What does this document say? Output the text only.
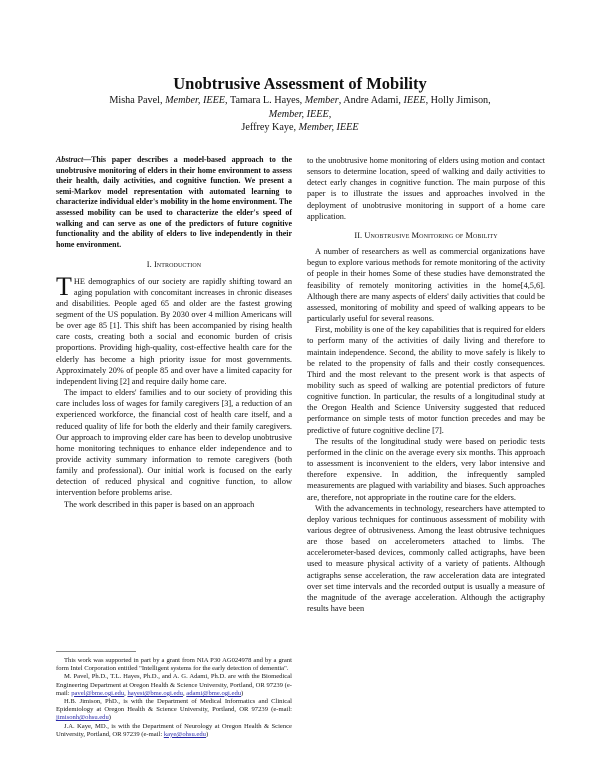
Unobtrusive Assessment of Mobility
Misha Pavel, Member, IEEE, Tamara L. Hayes, Member, Andre Adami, IEEE, Holly Jimison,
Member, IEEE,
Jeffrey Kaye, Member, IEEE

Abstract—This paper describes a model-based approach to the unobtrusive monitoring of elders in their home environment to assess their health, daily activities, and cognitive function. We present a semi-Markov model representation with automated learning to characterize individual elder's mobility in the home environment. The assessed mobility can be used to characterize the elder's speed of walking and can serve as one of the predictors of future cognitive functionality and the ability of elders to live independently in their home environment.

I. Introduction

THE demographics of our society are rapidly shifting toward an aging population with concomitant increases in chronic diseases and disabilities. People aged 65 and older are the fastest growing segment of the US population. By 2030 over 4 million Americans will be over age 85 [1]. This shift has been accompanied by rising health care costs, creating both a social and economic burden of crisis proportions. Providing high-quality, cost-effective health care for the elderly has become a high priority issue for most governments. Approximately 20% of people 85 and over have a limited capacity for independent living [2] and require daily home care.

The impact to elders' families and to our society of providing this care includes loss of wages for family caregivers [3], a reduction of an experienced workforce, the financial cost of health care itself, and a reduced quality of life for both the elderly and their family caregivers. Our approach to improving elder care has been to develop unobtrusive home monitoring techniques to enhance elder independence and to provide activity summary information to remote caregivers (both family and professional). Our initial work is focused on the early detection of reduced physical and cognitive function, to allow intervention before problems arise.

The work described in this paper is based on an approach

This work was supported in part by a grant from NIA P30 AG024978 and by a grant form Intel Corporation entitled "Intelligent systems for the early detection of dementia".

M. Pavel, Ph.D., T.L. Hayes, Ph.D., and A. G. Adami, Ph.D. are with the Biomedical Engineering Department at Oregon Health & Science University, Portland, OR 97239 (e-mail: pavel@bme.ogi.edu, hayest@bme.ogi.edu, adami@bme.ogi.edu)

H.B. Jimison, PhD., is with the Department of Medical Informatics and Clinical Epidemiology at Oregon Health & Science University, Portland, OR 97239 (e-mail: jimisonh@ohsu.edu)

J.A. Kaye, MD., is with the Department of Neurology at Oregon Health & Science University, Portland, OR 97239 (e-mail: kaye@ohsu.edu)

to the unobtrusive home monitoring of elders using motion and contact sensors to determine location, speed of walking and daily activities to detect early changes in cognitive function. The main purpose of this paper is to illustrate the issues and approaches involved in the deployment of unobtrusive monitoring in support of a home care application.

II. Unobtrusive Monitoring of Mobility

A number of researchers as well as commercial organizations have begun to explore various methods for remote monitoring of the activity of people in their homes Some of these studies have demonstrated the feasibility of remotely monitoring activities in the home[4,5,6]. Although there are many aspects of elders' daily activities that could be assessed, monitoring of mobility and speed of walking appears to be particularly useful for several reasons.

First, mobility is one of the key capabilities that is required for elders to perform many of the activities of daily living and therefore to maintain independence. Second, the ability to move safely is likely to be related to the propensity of falls and their costly consequences. Third and the most relevant to the present work is that aspects of mobility such as speed of walking are potential predictors of future cognitive function. In particular, the results of a longitudinal study at the Oregon Health and Science University suggested that reduced performance on simple tests of motor function precedes and may be predictive of future cognitive decline [7].

The results of the longitudinal study were based on periodic tests performed in the clinic on the average every six months. This approach to assessment is inconvenient to the elders, very labor intensive and therefore expensive. In addition, the infrequently sampled measurements are plagued with variability and biases. Such approaches are, therefore, not appropriate in the routine care for the elders.

With the advancements in technology, researchers have attempted to deploy various techniques for continuous assessment of mobility with various degree of obtrusiveness. Among the least obtrusive techniques are those based on accelerometers attached to limbs. The accelerometer-based devices, commonly called actigraphs, have been used to measure physical activity of a variety of patients. Although actigraphs sense acceleration, the raw acceleration data are integrated over set time intervals and the recorded output is usually a measure of the magnitude of the average acceleration. Although the actigraphy results have been
